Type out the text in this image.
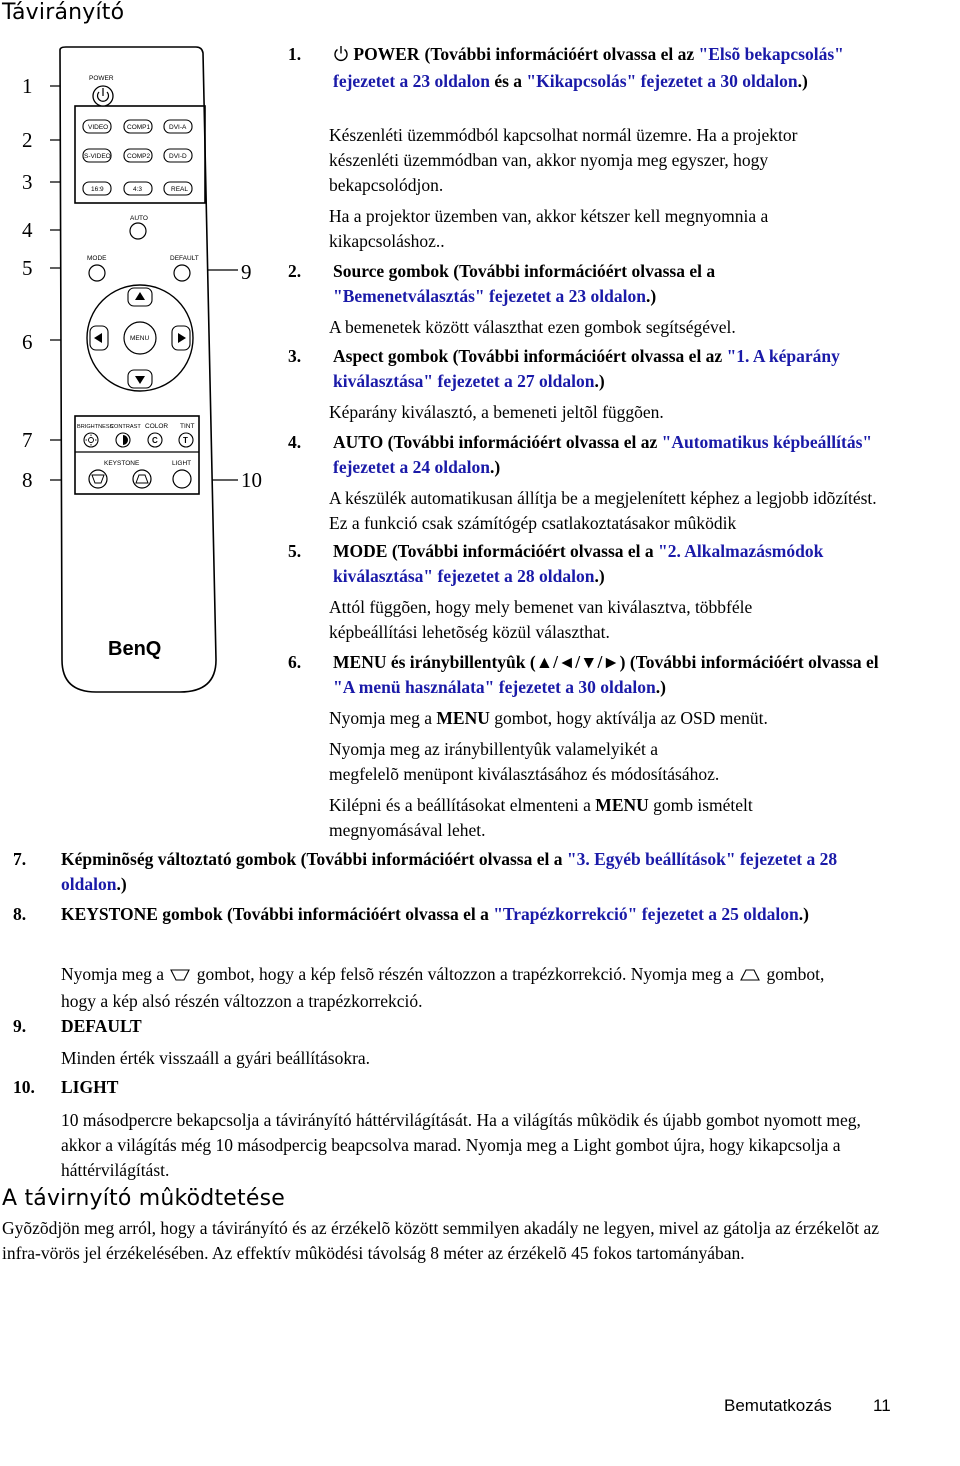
Távirányító
1
2
3
4
5
6
7
8
9
10
POWER
VIDEO	COMP1	DVI-A
S-VIDEO	COMP2	DVI-D
16:9	4:3	REAL
AUTO
MODE	DEFAULT
MENU
BRIGHTNESS
CONTRAST COLOR TINT
C	T
KEYSTONE	LIGHT
BenQ
1.	POWER (További információért olvassa el az "Elsõ bekapcsolás" fejezetet a 23 oldalon és a "Kikapcsolás" fejezetet a 30 oldalon.)

Készenléti üzemmódból kapcsolhat normál üzemre. Ha a projektor készenléti üzemmódban van, akkor nyomja meg egyszer, hogy bekapcsolódjon.

Ha a projektor üzemben van, akkor kétszer kell megnyomnia a kikapcsoláshoz..

2.	Source gombok (További információért olvassa el a "Bemenetválasztás" fejezetet a 23 oldalon.)

A bemenetek között választhat ezen gombok segítségével.

3.	Aspect gombok (További információért olvassa el az "1. A képarány kiválasztása" fejezetet a 27 oldalon.)

Képarány kiválasztó, a bemeneti jeltõl függõen.

4.	AUTO (További információért olvassa el az "Automatikus képbeállítás" fejezetet a 24 oldalon.)

A készülék automatikusan állítja be a megjelenített képhez a legjobb idõzítést. Ez a funkció csak számítógép csatlakoztatásakor mûködik

5.	MODE (További információért olvassa el a "2. Alkalmazásmódok kiválasztása" fejezetet a 28 oldalon.)

Attól függõen, hogy mely bemenet van kiválasztva, többféle képbeállítási lehetõség közül választhat.

6.	MENU és iránybillentyûk (▲/◄/▼/►) (További információért olvassa el "A menü használata" fejezetet a 30 oldalon.)

Nyomja meg a MENU gombot, hogy aktíválja az OSD menüt.

Nyomja meg az iránybillentyûk valamelyikét a megfelelõ menüpont kiválasztásához és módosításához.

Kilépni és a beállításokat elmenteni a MENU gomb ismételt megnyomásával lehet.

7.	Képminõség változtató gombok (További információért olvassa el a "3. Egyéb beállítások" fejezetet a 28 oldalon.)
8.	KEYSTONE gombok (További információért olvassa el a "Trapézkorrekció" fejezetet a 25 oldalon.)

Nyomja meg a  gombot, hogy a kép felsõ részén változzon a trapézkorrekció. Nyomja meg a  gombot, hogy a kép alsó részén változzon a trapézkorrekció.

9.	DEFAULT

Minden érték visszaáll a gyári beállításokra.

10.	LIGHT

10 másodpercre bekapcsolja a távirányító háttérvilágítását. Ha a világítás mûködik és újabb gombot nyomott meg, akkor a világítás még 10 másodpercig beapcsolva marad. Nyomja meg a Light gombot újra, hogy kikapcsolja a háttérvilágítást.

A távirnyító mûködtetése

Gyõzõdjön meg arról, hogy a távirányító és az érzékelõ között semmilyen akadály ne legyen, mivel az gátolja az érzékelõt az infra-vörös jel érzékelésében. Az effektív mûködési távolság 8 méter az érzékelõ 45 fokos tartományában.

Bemutatkozás 11
